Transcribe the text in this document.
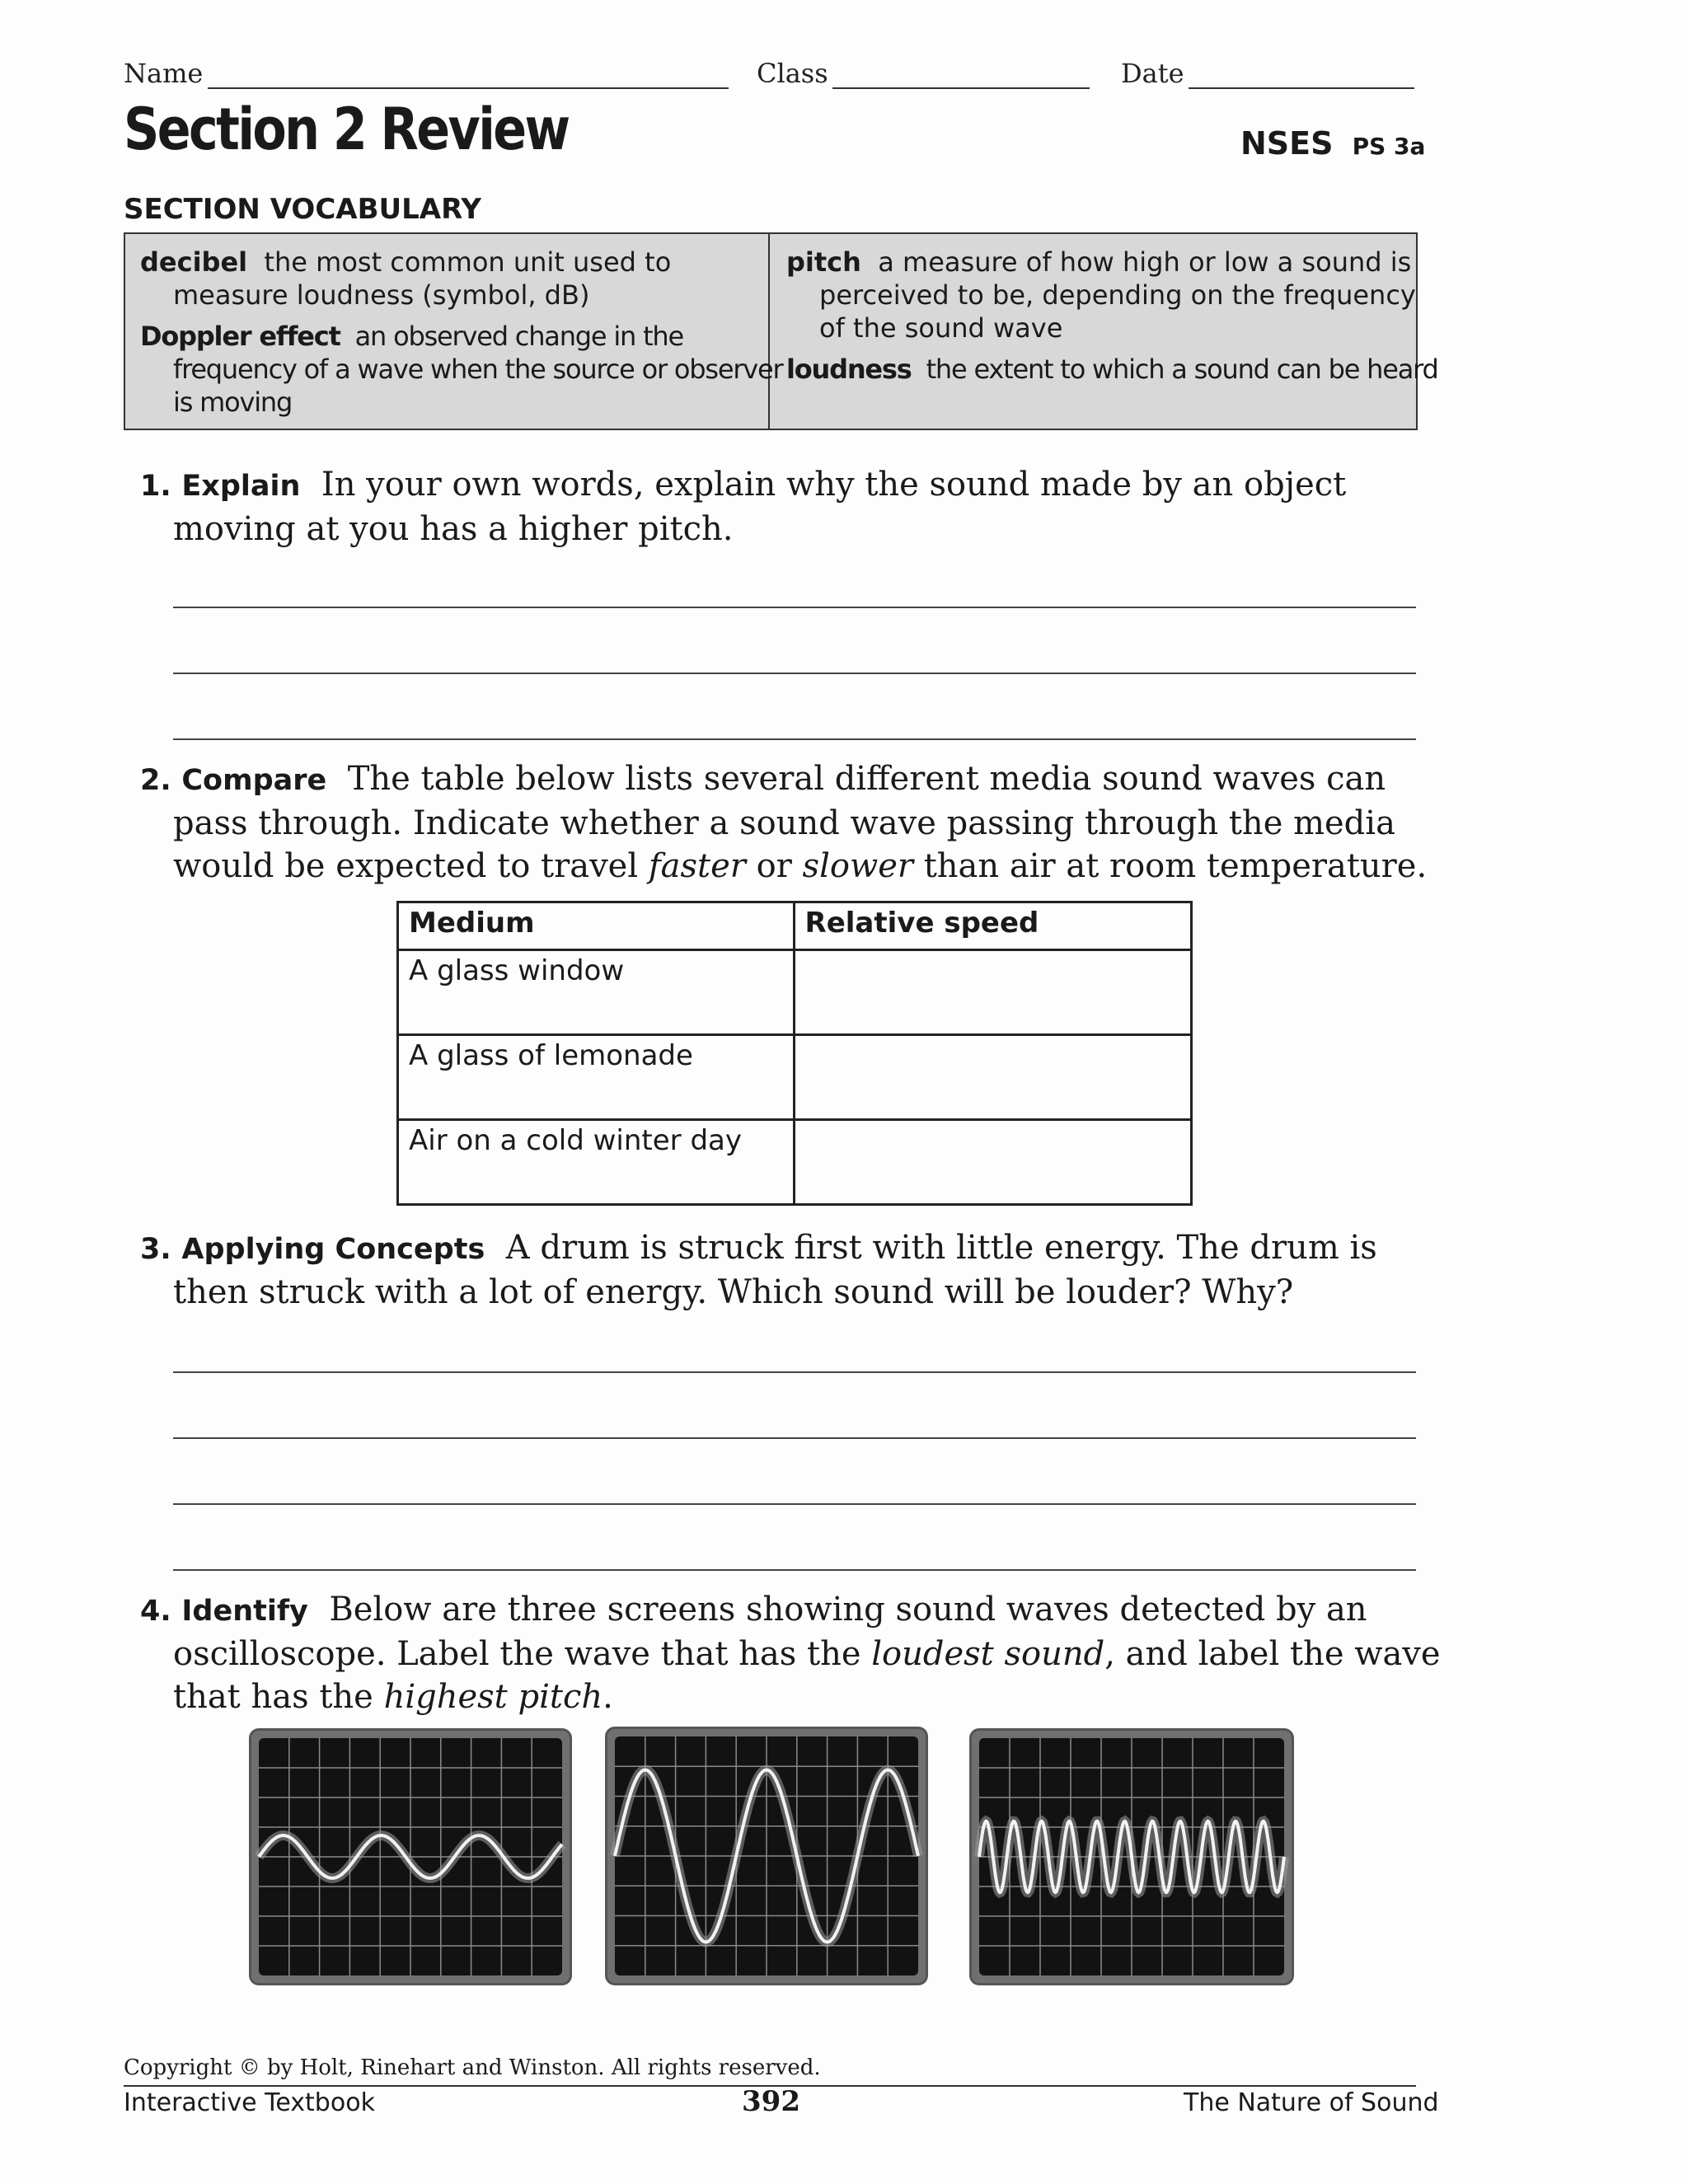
Name	Class	Date
Section 2 Review	NSES PS 3a
SECTION VOCABULARY
decibel the most common unit used to measure loudness (symbol, dB)
Doppler effect an observed change in the frequency of a wave when the source or observer is moving
pitch a measure of how high or low a sound is perceived to be, depending on the frequency of the sound wave
loudness the extent to which a sound can be heard
1. Explain In your own words, explain why the sound made by an object moving at you has a higher pitch.
2. Compare The table below lists several different media sound waves can pass through. Indicate whether a sound wave passing through the media would be expected to travel faster or slower than air at room temperature.
Medium	Relative speed
A glass window	
A glass of lemonade	
Air on a cold winter day	
3. Applying Concepts A drum is struck first with little energy. The drum is then struck with a lot of energy. Which sound will be louder? Why?
4. Identify Below are three screens showing sound waves detected by an oscilloscope. Label the wave that has the loudest sound, and label the wave that has the highest pitch.
Copyright © by Holt, Rinehart and Winston. All rights reserved.
Interactive Textbook	392	The Nature of Sound
